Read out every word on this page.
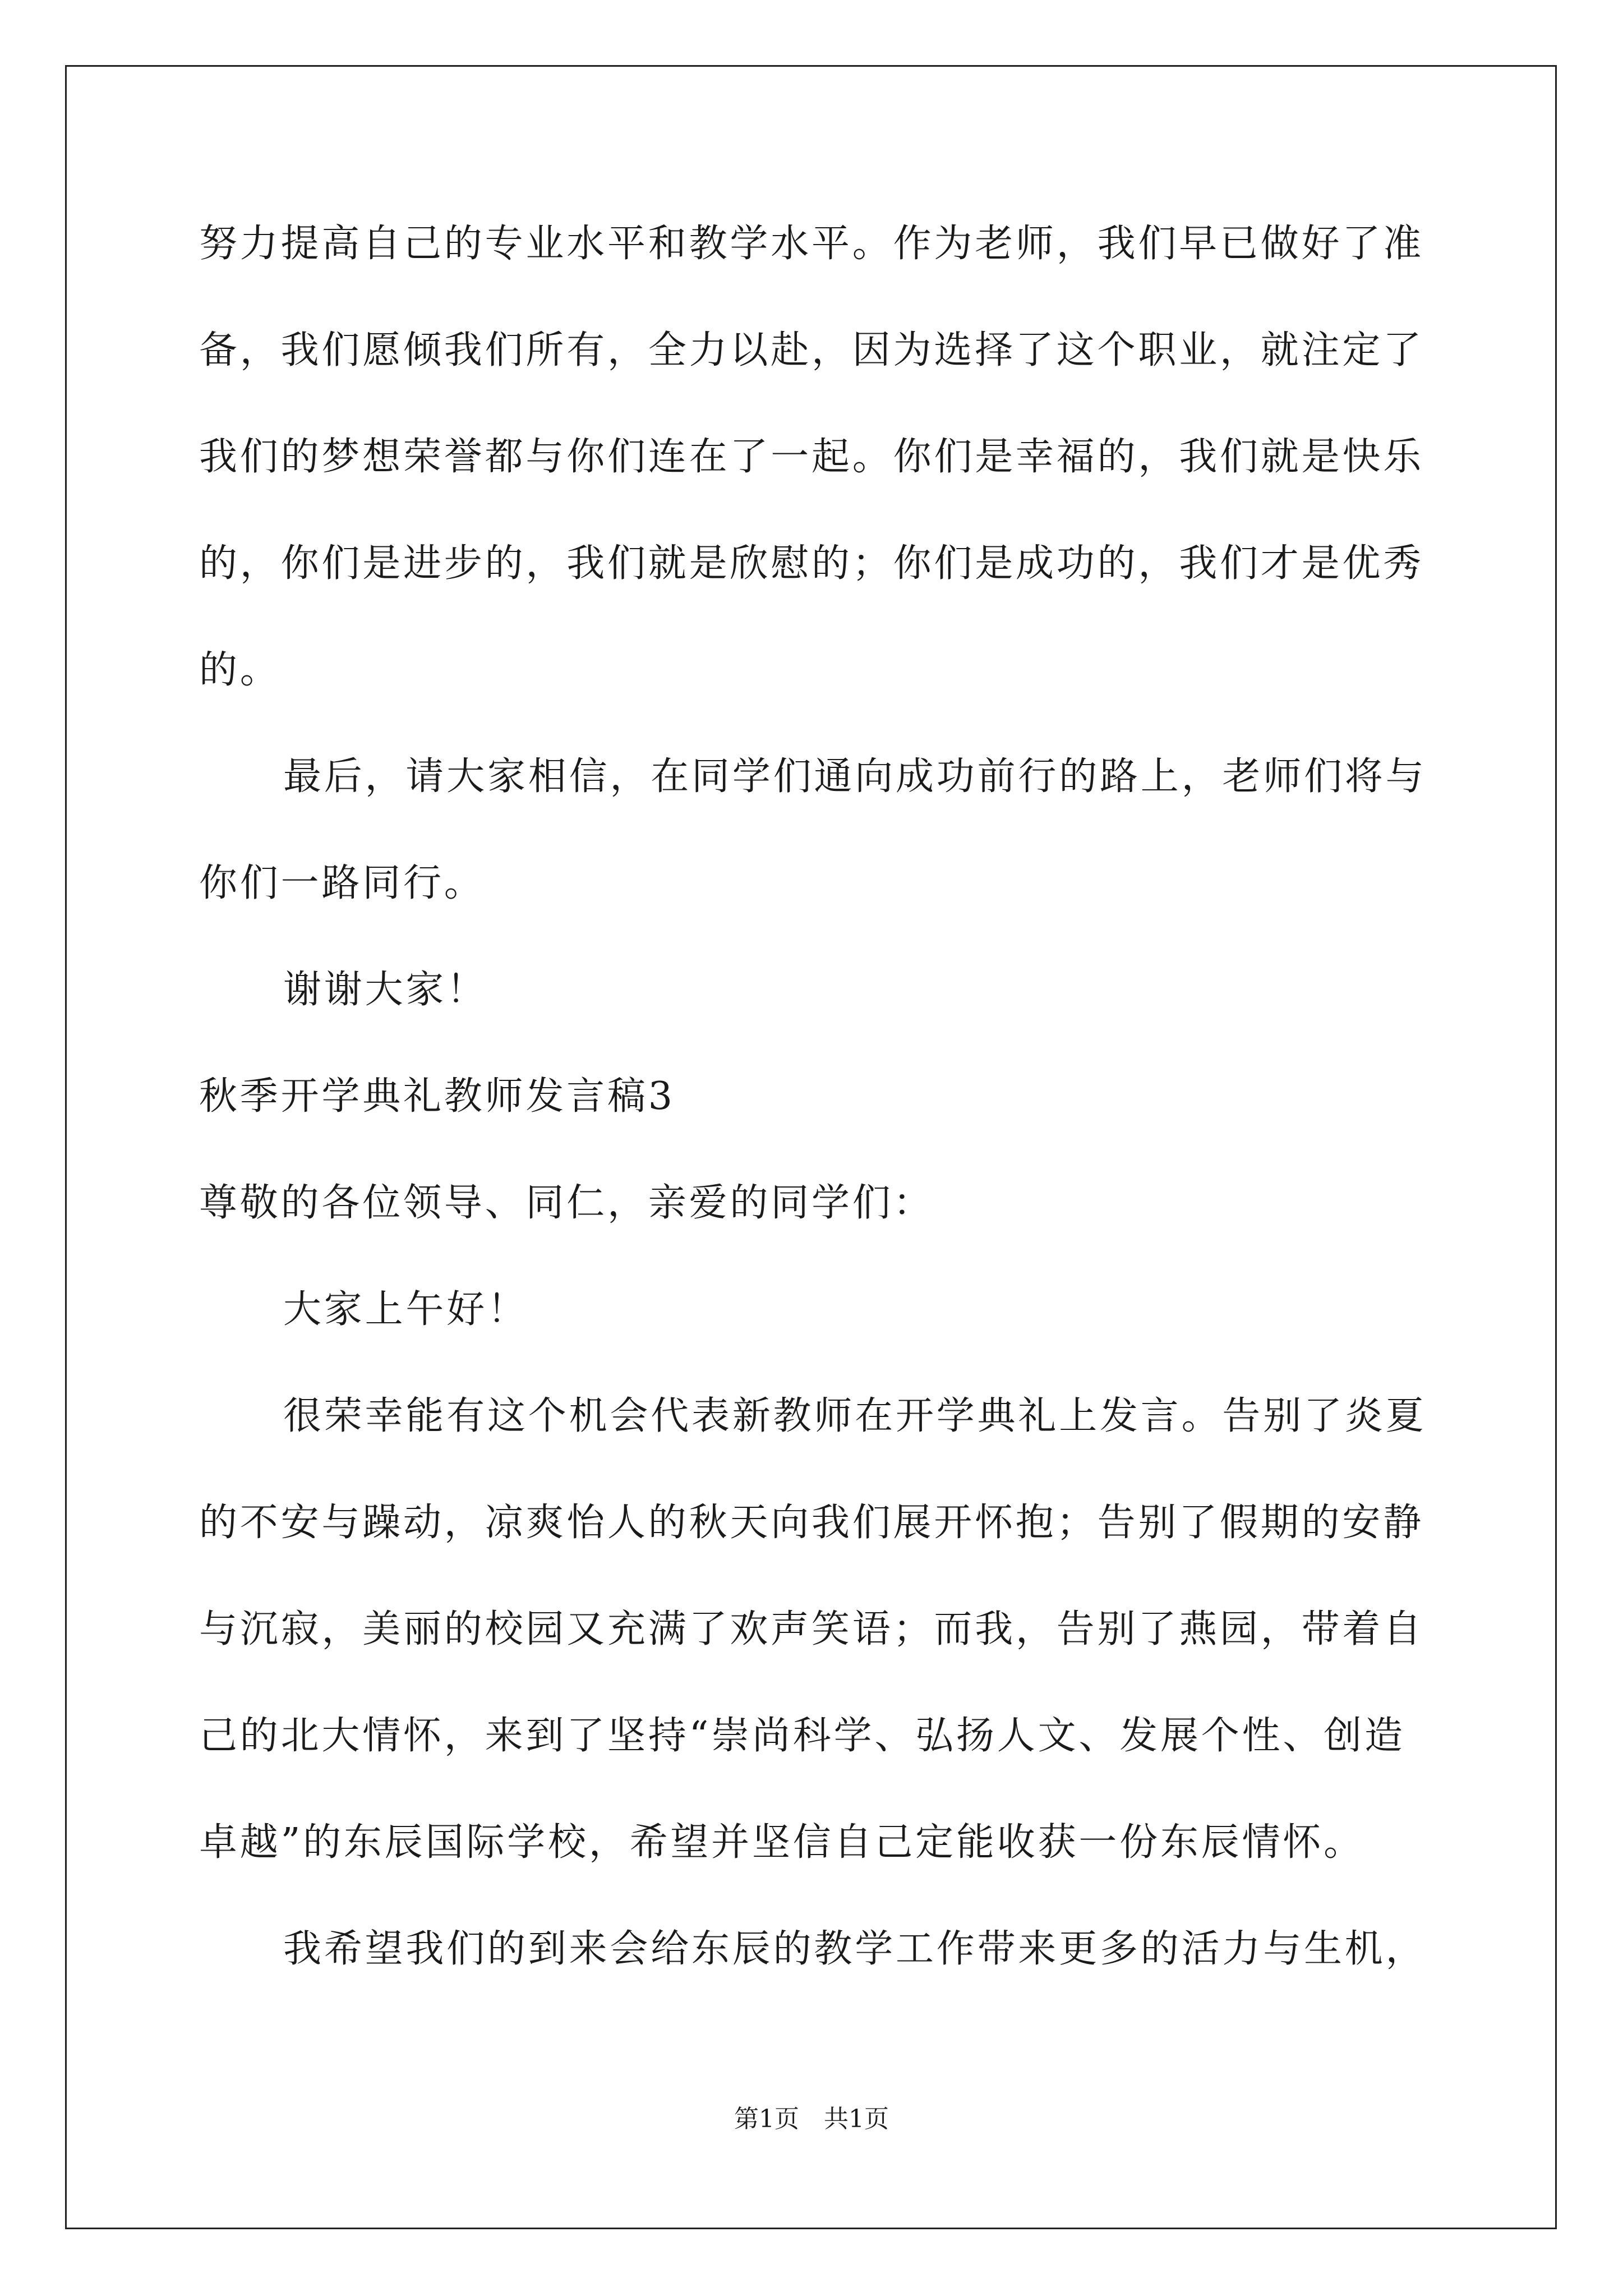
努力提高自己的专业水平和教学水平。作为老师，我们早已做好了准
备，我们愿倾我们所有，全力以赴，因为选择了这个职业，就注定了
我们的梦想荣誉都与你们连在了一起。你们是幸福的，我们就是快乐
的，你们是进步的，我们就是欣慰的；你们是成功的，我们才是优秀
的。
最后，请大家相信，在同学们通向成功前行的路上，老师们将与
你们一路同行。
谢谢大家！
秋季开学典礼教师发言稿3
尊敬的各位领导、同仁，亲爱的同学们：
大家上午好！
很荣幸能有这个机会代表新教师在开学典礼上发言。告别了炎夏
的不安与躁动，凉爽怡人的秋天向我们展开怀抱；告别了假期的安静
与沉寂，美丽的校园又充满了欢声笑语；而我，告别了燕园，带着自
己的北大情怀，来到了坚持“崇尚科学、弘扬人文、发展个性、创造
卓越”的东辰国际学校，希望并坚信自己定能收获一份东辰情怀。
我希望我们的到来会给东辰的教学工作带来更多的活力与生机，
第1页　共1页
